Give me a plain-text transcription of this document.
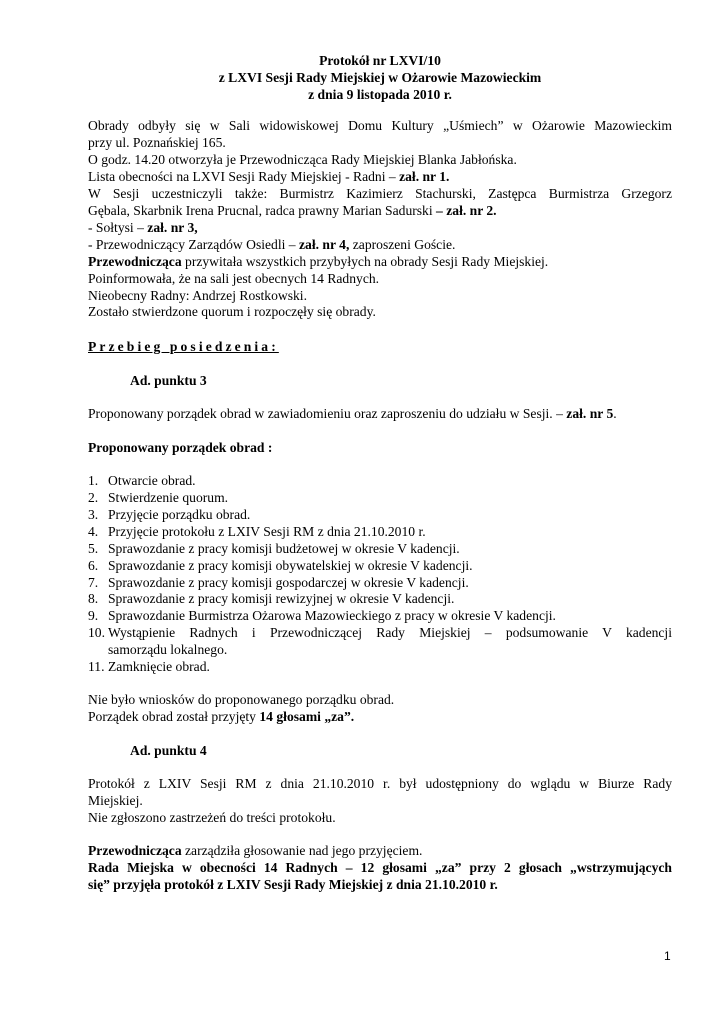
Protokół nr LXVI/10
z LXVI Sesji Rady Miejskiej w Ożarowie Mazowieckim
z dnia 9 listopada 2010 r.
Obrady odbyły się w Sali widowiskowej Domu Kultury „Uśmiech” w Ożarowie Mazowieckim
przy ul. Poznańskiej 165.
O godz. 14.20 otworzyła je Przewodnicząca Rady Miejskiej Blanka Jabłońska.
Lista obecności na LXVI Sesji Rady Miejskiej - Radni – zał. nr 1.
W Sesji uczestniczyli także: Burmistrz Kazimierz Stachurski, Zastępca Burmistrza Grzegorz
Gębala, Skarbnik Irena Prucnal, radca prawny Marian Sadurski – zał. nr 2.
- Sołtysi – zał. nr 3,
- Przewodniczący Zarządów Osiedli – zał. nr 4, zaproszeni Goście.
Przewodnicząca przywitała wszystkich przybyłych na obrady Sesji Rady Miejskiej.
Poinformowała, że na sali jest obecnych 14 Radnych.
Nieobecny Radny: Andrzej Rostkowski.
Zostało stwierdzone quorum i rozpoczęły się obrady.
Przebieg posiedzenia:
Ad. punktu 3
Proponowany porządek obrad w zawiadomieniu oraz zaproszeniu do udziału w Sesji. – zał. nr 5.
Proponowany porządek obrad :
1. Otwarcie obrad.
2. Stwierdzenie quorum.
3. Przyjęcie porządku obrad.
4. Przyjęcie protokołu z LXIV Sesji RM z dnia 21.10.2010 r.
5. Sprawozdanie z pracy komisji budżetowej w okresie V kadencji.
6. Sprawozdanie z pracy komisji obywatelskiej w okresie V kadencji.
7. Sprawozdanie z pracy komisji gospodarczej w okresie V kadencji.
8. Sprawozdanie z pracy komisji rewizyjnej w okresie V kadencji.
9. Sprawozdanie Burmistrza Ożarowa Mazowieckiego z pracy w okresie V kadencji.
10. Wystąpienie Radnych i Przewodniczącej Rady Miejskiej – podsumowanie V kadencji
samorządu lokalnego.
11. Zamknięcie obrad.
Nie było wniosków do proponowanego porządku obrad.
Porządek obrad został przyjęty 14 głosami „za”.
Ad. punktu 4
Protokół z LXIV Sesji RM z dnia 21.10.2010 r. był udostępniony do wglądu w Biurze Rady
Miejskiej.
Nie zgłoszono zastrzeżeń do treści protokołu.
Przewodnicząca zarządziła głosowanie nad jego przyjęciem.
Rada Miejska w obecności 14 Radnych – 12 głosami „za” przy 2 głosach „wstrzymujących
się” przyjęła protokół z LXIV Sesji Rady Miejskiej z dnia 21.10.2010 r.
1
